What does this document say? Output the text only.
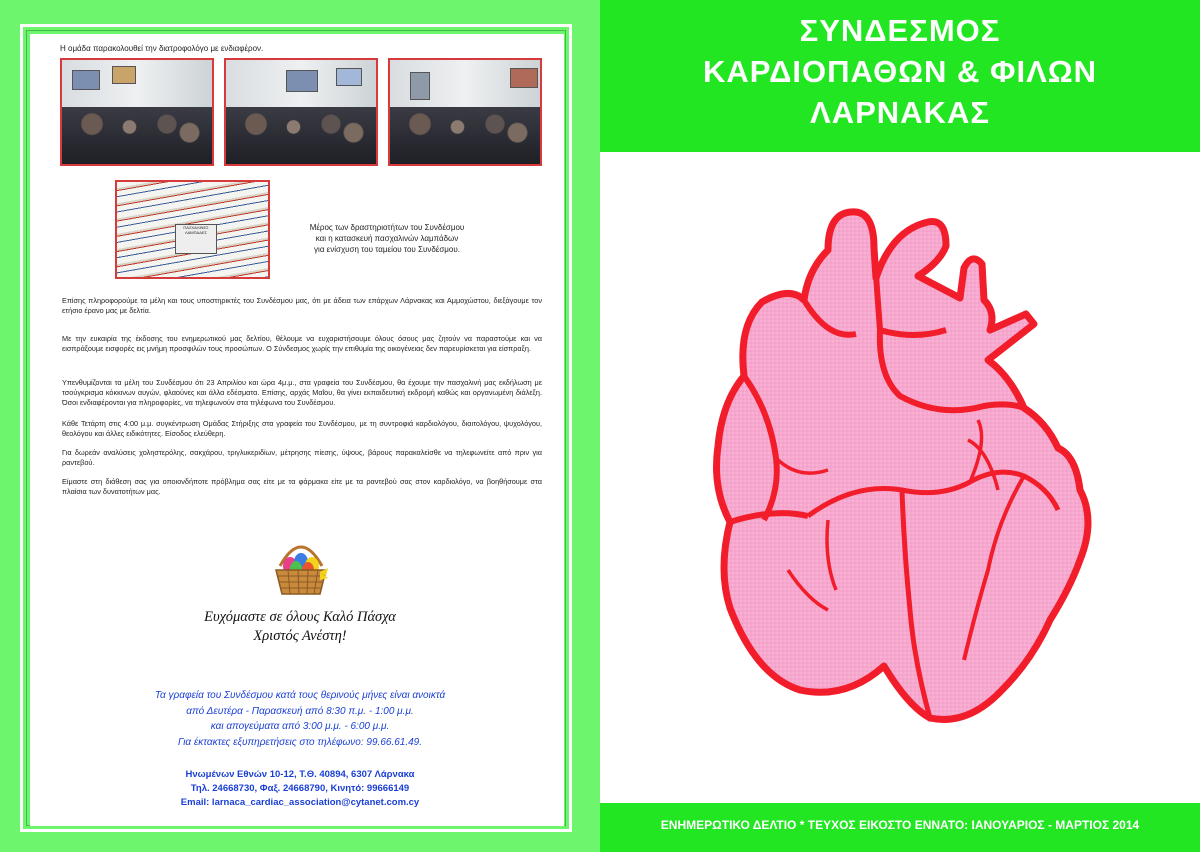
Η ομάδα παρακολουθεί την διατροφολόγο με ενδιαφέρον.
ΠΑΣΧΑΛΙΝΕΣ ΛΑΜΠΑΔΕΣ
Μέρος των δραστηριοτήτων του Συνδέσμου
και η κατασκευή πασχαλινών λαμπάδων
για ενίσχυση του ταμείου του Συνδέσμου.
Επίσης πληροφορούμε τα μέλη και τους υποστηρικτές του Συνδέσμου μας, ότι με άδεια των επάρχων Λάρνακας και Αμμοχώστου, διεξάγουμε τον ετήσιο έρανο μας με δελτία.
Με την ευκαιρία της έκδοσης του ενημερωτικού μας δελτίου, θέλουμε να ευχαριστήσουμε όλους όσους μας ζητούν να παραστούμε και να εισπράξουμε εισφορές εις μνήμη προσφιλών τους προσώπων. Ο Σύνδεσμος χωρίς την επιθυμία της οικογένειας δεν παρευρίσκεται για είσπραξη.
Υπενθυμίζονται τα μέλη του Συνδέσμου ότι 23 Απριλίου και ώρα 4μ.μ., στα γραφεία του Συνδέσμου, θα έχουμε την πασχαλινή μας εκδήλωση με τσούγκρισμα κόκκινων αυγών, φλαούνες και άλλα εδέσματα. Επίσης, αρχάς Μαΐου, θα γίνει εκπαιδευτική εκδρομή καθώς και οργανωμένη διάλεξη. Όσοι ενδιαφέρονται για πληροφορίες, να τηλεφωνούν στα τηλέφωνα του Συνδέσμου.
Κάθε Τετάρτη στις 4:00 μ.μ. συγκέντρωση Ομάδας Στήριξης στα γραφεία του Συνδέσμου, με τη συντροφιά καρδιολόγου, διαιτολόγου, ψυχολόγου, θεολόγου και άλλες ειδικότητες. Είσοδος ελεύθερη.
Για δωρεάν αναλύσεις χοληστερόλης, σακχάρου, τριγλυκεριδίων, μέτρησης πίεσης, ύψους, βάρους παρακαλείσθε να τηλεφωνείτε από πριν για ραντεβού.
Είμαστε στη διάθεση σας για οποιονδήποτε πρόβλημα σας είτε με τα φάρμακα είτε με τα ραντεβού σας στον καρδιολόγο, να βοηθήσουμε στα πλαίσια των δυνατοτήτων μας.
Ευχόμαστε σε όλους Καλό Πάσχα
Χριστός Ανέστη!
Τα γραφεία του Συνδέσμου κατά τους θερινούς μήνες είναι ανοικτά
από Δευτέρα - Παρασκευή από 8:30 π.μ. - 1:00 μ.μ.
και απογεύματα από 3:00 μ.μ. - 6:00 μ.μ.
Για έκτακτες εξυπηρετήσεις στο τηλέφωνο: 99.66.61.49.
Ηνωμένων Εθνών 10-12, Τ.Θ. 40894, 6307 Λάρνακα
Τηλ. 24668730, Φαξ. 24668790, Κινητό: 99666149
Email: larnaca_cardiac_association@cytanet.com.cy
ΣΥΝΔΕΣΜΟΣ
ΚΑΡΔΙΟΠΑΘΩΝ & ΦΙΛΩΝ
ΛΑΡΝΑΚΑΣ
ΕΝΗΜΕΡΩΤΙΚΟ ΔΕΛΤΙΟ * ΤΕΥΧΟΣ ΕΙΚΟΣΤΟ ΕΝΝΑΤΟ: ΙΑΝΟΥΑΡΙΟΣ - ΜΑΡΤΙΟΣ 2014
